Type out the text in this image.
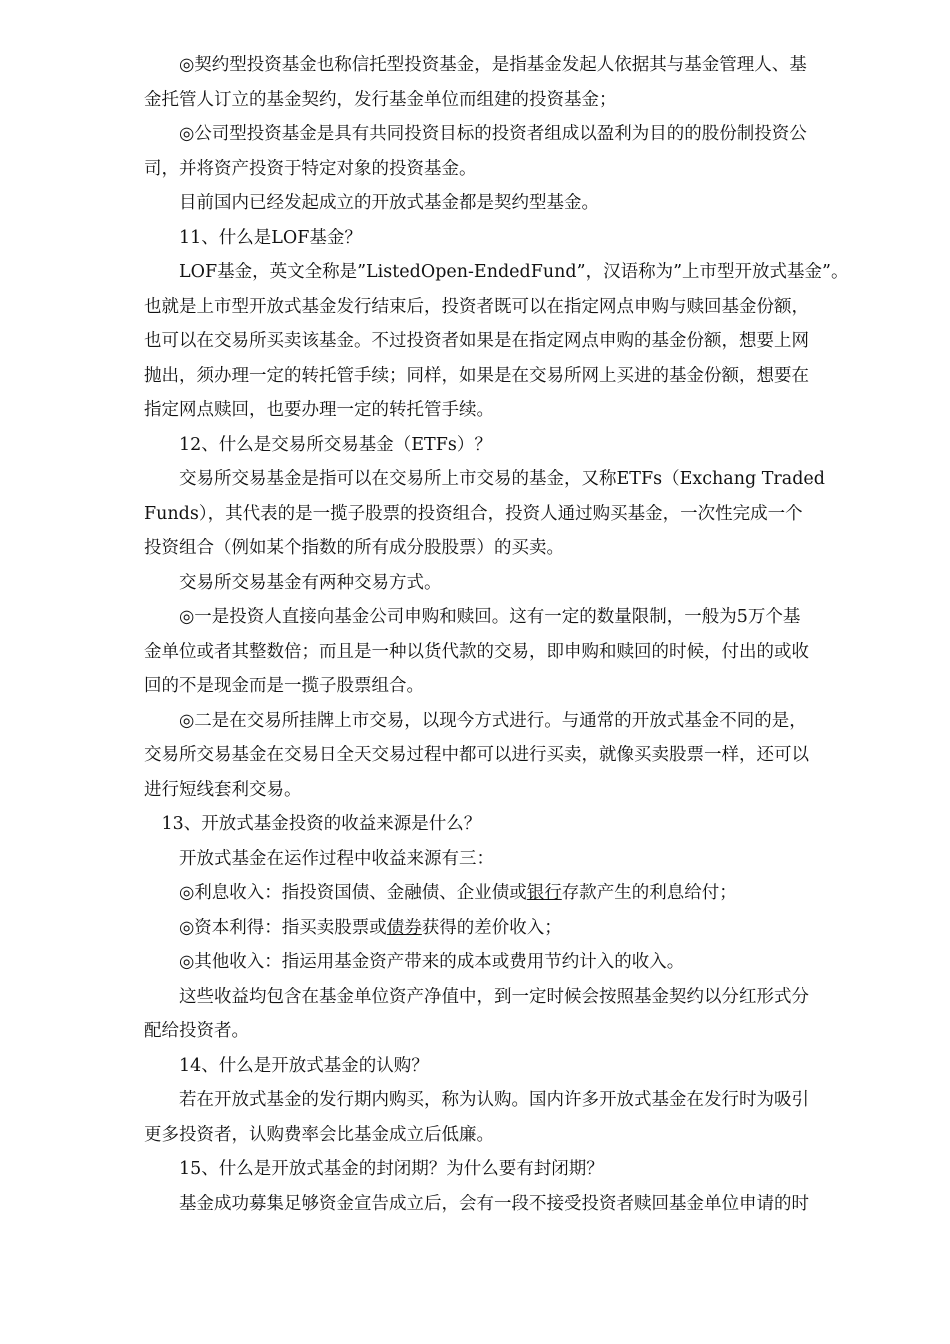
◎契约型投资基金也称信托型投资基金，是指基金发起人依据其与基金管理人、基
金托管人订立的基金契约，发行基金单位而组建的投资基金；
◎公司型投资基金是具有共同投资目标的投资者组成以盈利为目的的股份制投资公
司，并将资产投资于特定对象的投资基金。
目前国内已经发起成立的开放式基金都是契约型基金。
11、什么是LOF基金？
LOF基金，英文全称是”ListedOpen-EndedFund”，汉语称为”上市型开放式基金”。
也就是上市型开放式基金发行结束后，投资者既可以在指定网点申购与赎回基金份额，
也可以在交易所买卖该基金。不过投资者如果是在指定网点申购的基金份额，想要上网
抛出，须办理一定的转托管手续；同样，如果是在交易所网上买进的基金份额，想要在
指定网点赎回，也要办理一定的转托管手续。
12、什么是交易所交易基金（ETFs）？
交易所交易基金是指可以在交易所上市交易的基金，又称ETFs（Exchang Traded
Funds），其代表的是一揽子股票的投资组合，投资人通过购买基金，一次性完成一个
投资组合（例如某个指数的所有成分股股票）的买卖。
交易所交易基金有两种交易方式。
◎一是投资人直接向基金公司申购和赎回。这有一定的数量限制，一般为5万个基
金单位或者其整数倍；而且是一种以货代款的交易，即申购和赎回的时候，付出的或收
回的不是现金而是一揽子股票组合。
◎二是在交易所挂牌上市交易，以现今方式进行。与通常的开放式基金不同的是，
交易所交易基金在交易日全天交易过程中都可以进行买卖，就像买卖股票一样，还可以
进行短线套利交易。
13、开放式基金投资的收益来源是什么？
开放式基金在运作过程中收益来源有三：
◎利息收入：指投资国债、金融债、企业债或银行存款产生的利息给付；
◎资本利得：指买卖股票或债券获得的差价收入；
◎其他收入：指运用基金资产带来的成本或费用节约计入的收入。
这些收益均包含在基金单位资产净值中，到一定时候会按照基金契约以分红形式分
配给投资者。
14、什么是开放式基金的认购？
若在开放式基金的发行期内购买，称为认购。国内许多开放式基金在发行时为吸引
更多投资者，认购费率会比基金成立后低廉。
15、什么是开放式基金的封闭期？为什么要有封闭期？
基金成功募集足够资金宣告成立后，会有一段不接受投资者赎回基金单位申请的时
